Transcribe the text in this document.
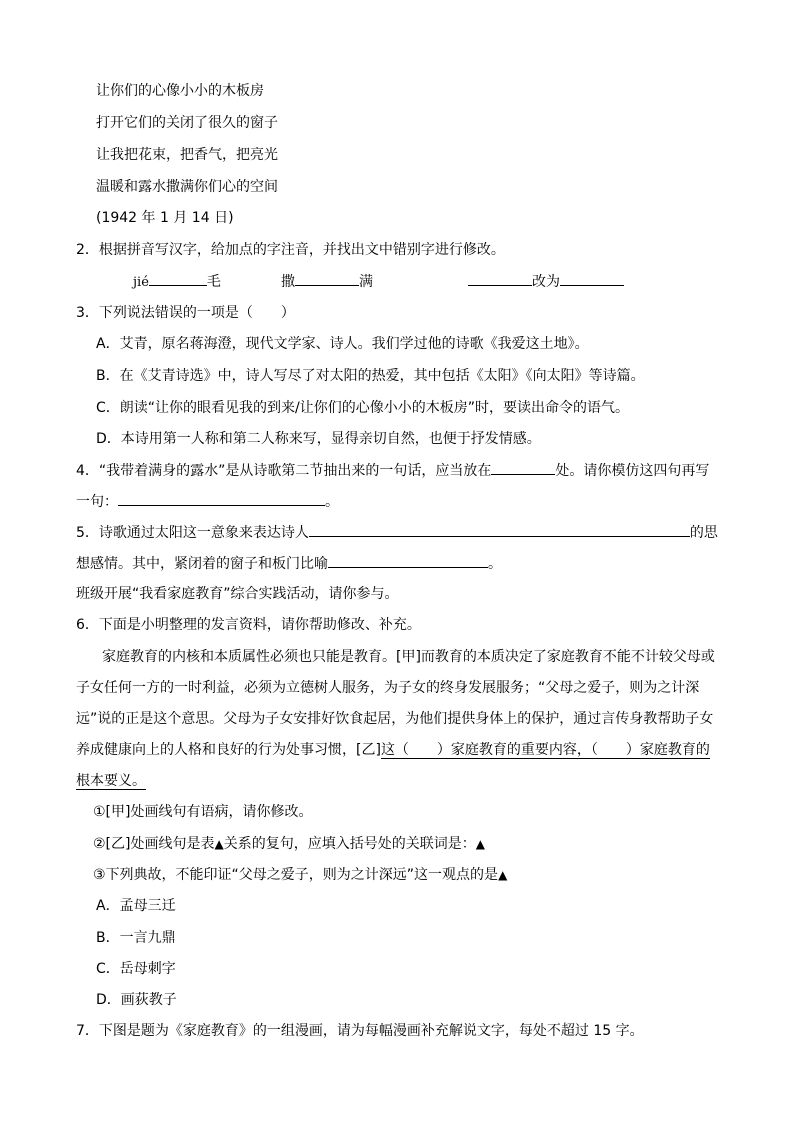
让你们的心像小小的木板房
打开它们的关闭了很久的窗子
让我把花束，把香气，把亮光
温暖和露水撒满你们心的空间
(1942 年 1 月 14 日)
2．根据拼音写汉字，给加点的字注音，并找出文中错别字进行修改。
jié	毛	撒	满	改为
3．下列说法错误的一项是（　　）
A．艾青，原名蒋海澄，现代文学家、诗人。我们学过他的诗歌《我爱这土地》。
B．在《艾青诗选》中，诗人写尽了对太阳的热爱，其中包括《太阳》《向太阳》等诗篇。
C．朗读“让你的眼看见我的到来/让你们的心像小小的木板房”时，要读出命令的语气。
D．本诗用第一人称和第二人称来写，显得亲切自然，也便于抒发情感。
4．“我带着满身的露水”是从诗歌第二节抽出来的一句话，应当放在	处。请你模仿这四句再写
一句：	。
5．诗歌通过太阳这一意象来表达诗人	的思
想感情。其中，紧闭着的窗子和板门比喻	。
班级开展“我看家庭教育”综合实践活动，请你参与。
6．下面是小明整理的发言资料，请你帮助修改、补充。
家庭教育的内核和本质属性必须也只能是教育。[甲]而教育的本质决定了家庭教育不能不计较父母或
子女任何一方的一时利益，必须为立德树人服务，为子女的终身发展服务；“父母之爱子，则为之计深
远”说的正是这个意思。父母为子女安排好饮食起居，为他们提供身体上的保护，通过言传身教帮助子女
养成健康向上的人格和良好的行为处事习惯，[乙]这（　　）家庭教育的重要内容，（　　）家庭教育的
根本要义。
①[甲]处画线句有语病，请你修改。
②[乙]处画线句是表▲关系的复句，应填入括号处的关联词是：▲
③下列典故，不能印证“父母之爱子，则为之计深远”这一观点的是▲
A．孟母三迁
B．一言九鼎
C．岳母刺字
D．画荻教子
7．下图是题为《家庭教育》的一组漫画，请为每幅漫画补充解说文字，每处不超过 15 字。
